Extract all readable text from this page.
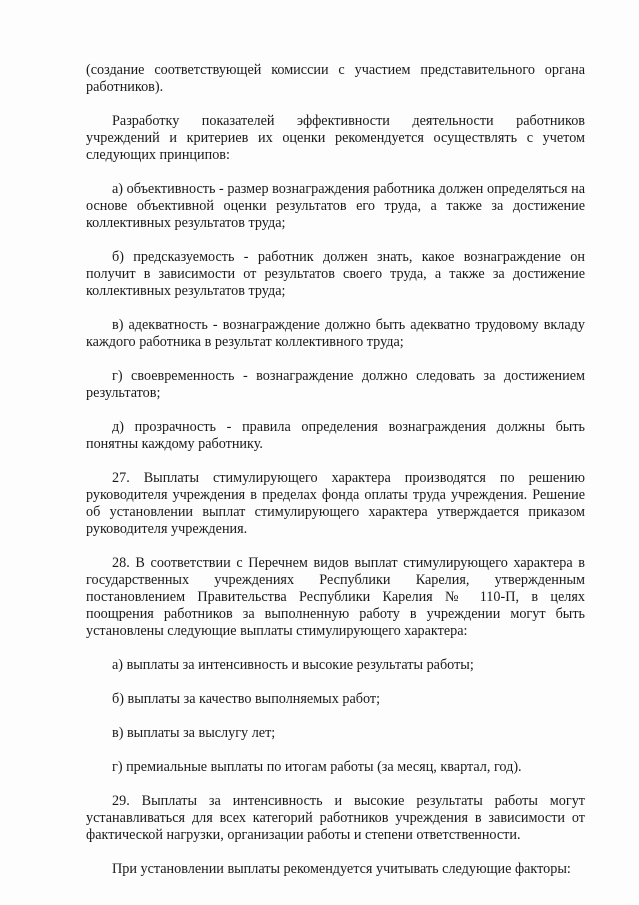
(создание соответствующей комиссии с участием представительного органа работников).

Разработку показателей эффективности деятельности работников учреждений и критериев их оценки рекомендуется осуществлять с учетом следующих принципов:

а) объективность - размер вознаграждения работника должен определяться на основе объективной оценки результатов его труда, а также за достижение коллективных результатов труда;

б) предсказуемость - работник должен знать, какое вознаграждение он получит в зависимости от результатов своего труда, а также за достижение коллективных результатов труда;

в) адекватность - вознаграждение должно быть адекватно трудовому вкладу каждого работника в результат коллективного труда;

г) своевременность - вознаграждение должно следовать за достижением результатов;

д) прозрачность - правила определения вознаграждения должны быть понятны каждому работнику.

27. Выплаты стимулирующего характера производятся по решению руководителя учреждения в пределах фонда оплаты труда учреждения. Решение об установлении выплат стимулирующего характера утверждается приказом руководителя учреждения.

28. В соответствии с Перечнем видов выплат стимулирующего характера в государственных учреждениях Республики Карелия, утвержденным постановлением Правительства Республики Карелия № 110-П, в целях поощрения работников за выполненную работу в учреждении могут быть установлены следующие выплаты стимулирующего характера:

а) выплаты за интенсивность и высокие результаты работы;

б) выплаты за качество выполняемых работ;

в) выплаты за выслугу лет;

г) премиальные выплаты по итогам работы (за месяц, квартал, год).

29. Выплаты за интенсивность и высокие результаты работы могут устанавливаться для всех категорий работников учреждения в зависимости от фактической нагрузки, организации работы и степени ответственности.

При установлении выплаты рекомендуется учитывать следующие факторы:
